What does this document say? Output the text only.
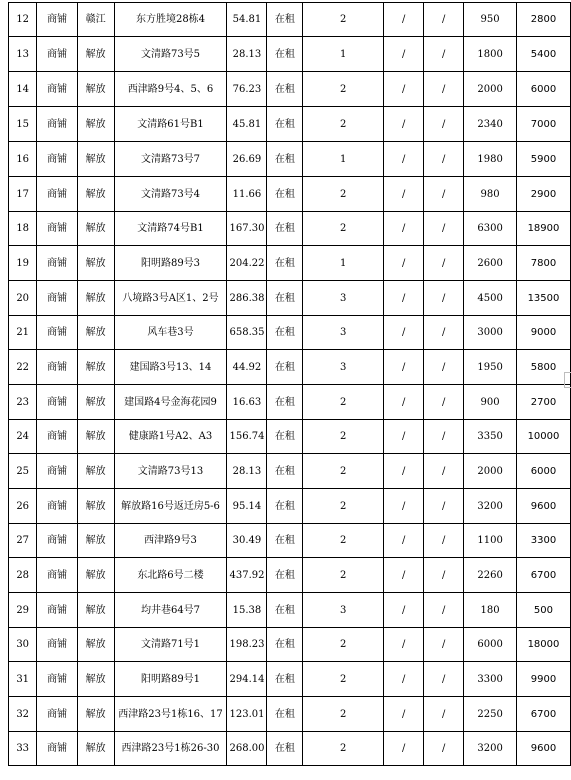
12	商铺	赣江	东方胜境28栋4	54.81	在租	2	/	/	950	2800
13	商铺	解放	文清路73号5	28.13	在租	1	/	/	1800	5400
14	商铺	解放	西津路9号4、5、6	76.23	在租	2	/	/	2000	6000
15	商铺	解放	文清路61号B1	45.81	在租	2	/	/	2340	7000
16	商铺	解放	文清路73号7	26.69	在租	1	/	/	1980	5900
17	商铺	解放	文清路73号4	11.66	在租	2	/	/	980	2900
18	商铺	解放	文清路74号B1	167.30	在租	2	/	/	6300	18900
19	商铺	解放	阳明路89号3	204.22	在租	1	/	/	2600	7800
20	商铺	解放	八境路3号A区1、2号	286.38	在租	3	/	/	4500	13500
21	商铺	解放	风车巷3号	658.35	在租	3	/	/	3000	9000
22	商铺	解放	建国路3号13、14	44.92	在租	3	/	/	1950	5800
23	商铺	解放	建国路4号金海花园9	16.63	在租	2	/	/	900	2700
24	商铺	解放	健康路1号A2、A3	156.74	在租	2	/	/	3350	10000
25	商铺	解放	文清路73号13	28.13	在租	2	/	/	2000	6000
26	商铺	解放	解放路16号返迁房5-6	95.14	在租	2	/	/	3200	9600
27	商铺	解放	西津路9号3	30.49	在租	2	/	/	1100	3300
28	商铺	解放	东北路6号二楼	437.92	在租	2	/	/	2260	6700
29	商铺	解放	均井巷64号7	15.38	在租	3	/	/	180	500
30	商铺	解放	文清路71号1	198.23	在租	2	/	/	6000	18000
31	商铺	解放	阳明路89号1	294.14	在租	2	/	/	3300	9900
32	商铺	解放	西津路23号1栋16、17	123.01	在租	2	/	/	2250	6700
33	商铺	解放	西津路23号1栋26-30	268.00	在租	2	/	/	3200	9600
